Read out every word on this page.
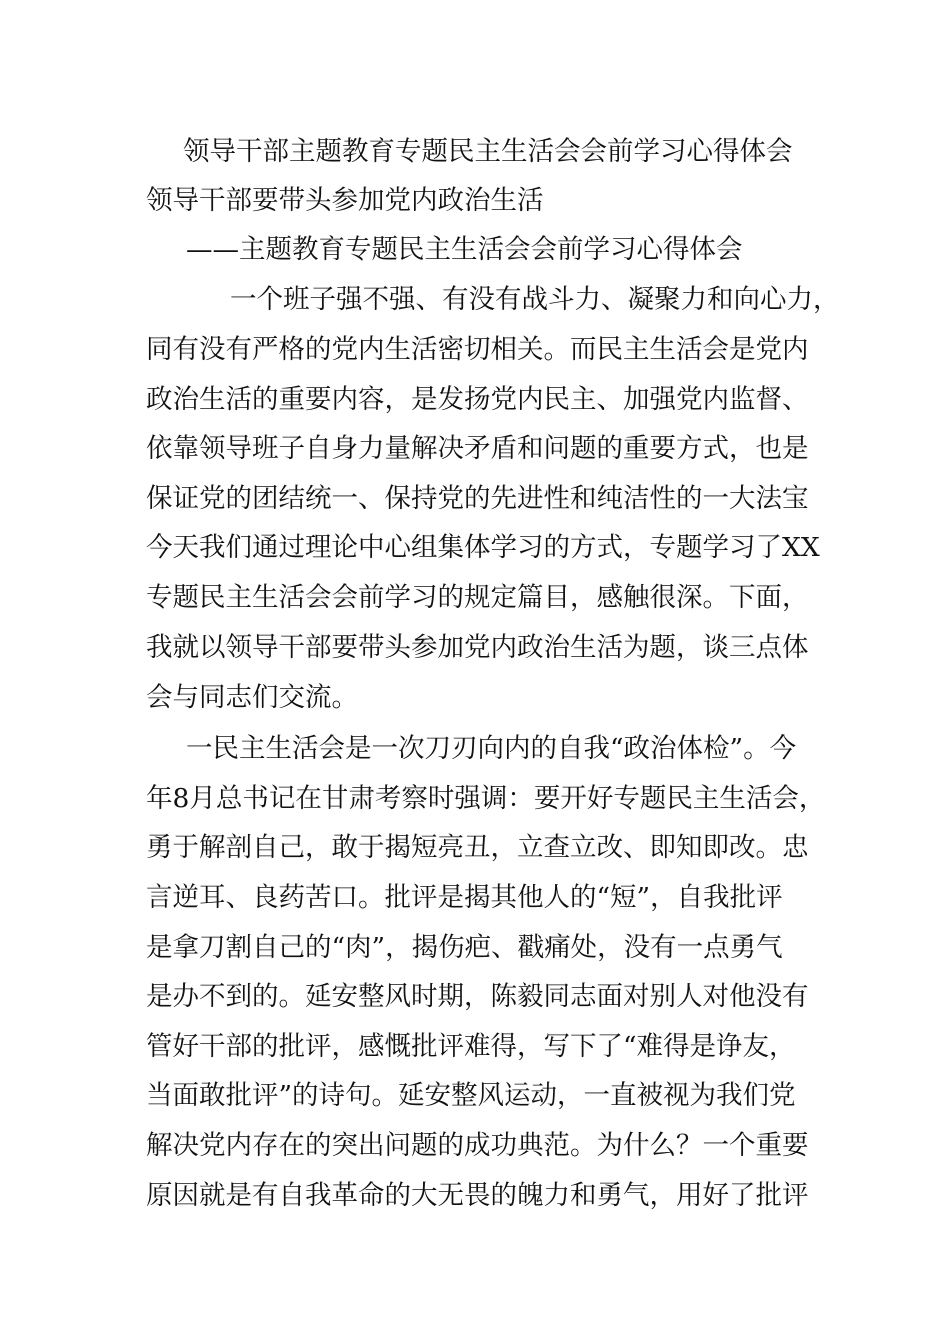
领导干部主题教育专题民主生活会会前学习心得体会
领导干部要带头参加党内政治生活
——主题教育专题民主生活会会前学习心得体会
一个班子强不强、有没有战斗力、凝聚力和向心力，
同有没有严格的党内生活密切相关。而民主生活会是党内
政治生活的重要内容，是发扬党内民主、加强党内监督、
依靠领导班子自身力量解决矛盾和问题的重要方式，也是
保证党的团结统一、保持党的先进性和纯洁性的一大法宝
今天我们通过理论中心组集体学习的方式，专题学习了XX
专题民主生活会会前学习的规定篇目，感触很深。下面，
我就以领导干部要带头参加党内政治生活为题，谈三点体
会与同志们交流。
一民主生活会是一次刀刃向内的自我“政治体检”。今
年8月总书记在甘肃考察时强调：要开好专题民主生活会，
勇于解剖自己，敢于揭短亮丑，立查立改、即知即改。忠
言逆耳、良药苦口。批评是揭其他人的“短”，自我批评
是拿刀割自己的“肉”，揭伤疤、戳痛处，没有一点勇气
是办不到的。延安整风时期，陈毅同志面对别人对他没有
管好干部的批评，感慨批评难得，写下了“难得是诤友，
当面敢批评”的诗句。延安整风运动，一直被视为我们党
解决党内存在的突出问题的成功典范。为什么？一个重要
原因就是有自我革命的大无畏的魄力和勇气，用好了批评
